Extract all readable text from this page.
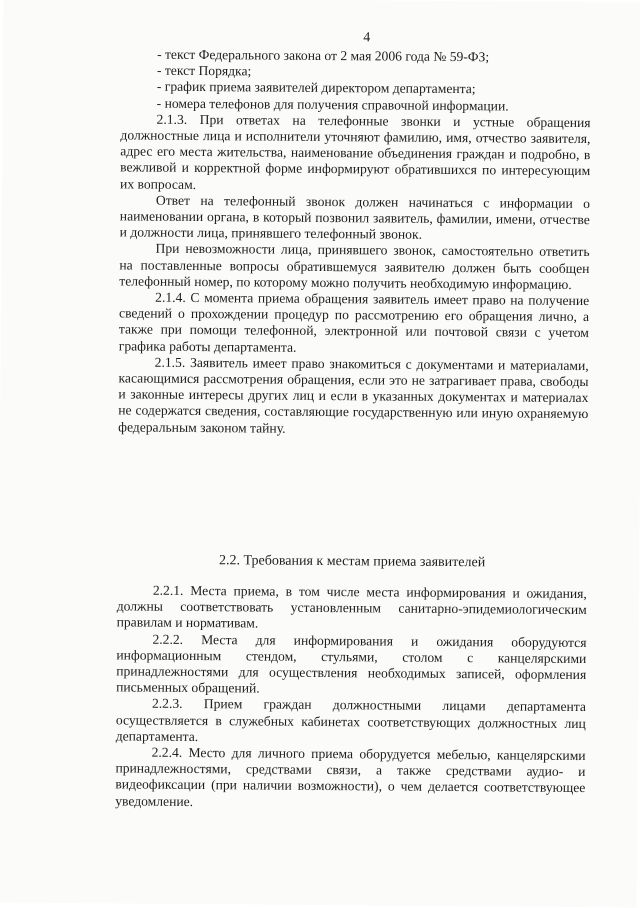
4

- текст Федерального закона от 2 мая 2006 года № 59-ФЗ;

- текст Порядка;

- график приема заявителей директором департамента;

- номера телефонов для получения справочной информации.

2.1.3. При ответах на телефонные звонки и устные обращения должностные лица и исполнители уточняют фамилию, имя, отчество заявителя, адрес его места жительства, наименование объединения граждан и подробно, в вежливой и корректной форме информируют обратившихся по интересующим их вопросам.

Ответ на телефонный звонок должен начинаться с информации о наименовании органа, в который позвонил заявитель, фамилии, имени, отчестве и должности лица, принявшего телефонный звонок.

При невозможности лица, принявшего звонок, самостоятельно ответить на поставленные вопросы обратившемуся заявителю должен быть сообщен телефонный номер, по которому можно получить необходимую информацию.

2.1.4. С момента приема обращения заявитель имеет право на получение сведений о прохождении процедур по рассмотрению его обращения лично, а также при помощи телефонной, электронной или почтовой связи с учетом графика работы департамента.

2.1.5. Заявитель имеет право знакомиться с документами и материалами, касающимися рассмотрения обращения, если это не затрагивает права, свободы и законные интересы других лиц и если в указанных документах и материалах не содержатся сведения, составляющие государственную или иную охраняемую федеральным законом тайну.

2.2. Требования к местам приема заявителей

2.2.1. Места приема, в том числе места информирования и ожидания, должны соответствовать установленным санитарно-эпидемиологическим правилам и нормативам.

2.2.2. Места для информирования и ожидания оборудуются информационным стендом, стульями, столом с канцелярскими принадлежностями для осуществления необходимых записей, оформления письменных обращений.

2.2.3. Прием граждан должностными лицами департамента осуществляется в служебных кабинетах соответствующих должностных лиц департамента.

2.2.4. Место для личного приема оборудуется мебелью, канцелярскими принадлежностями, средствами связи, а также средствами аудио- и видеофиксации (при наличии возможности), о чем делается соответствующее уведомление.
